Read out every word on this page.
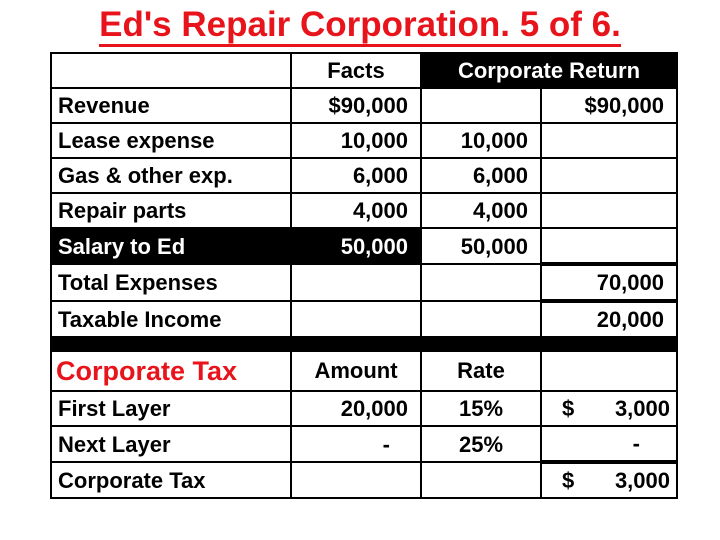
Ed's Repair Corporation. 5 of 6.
	Facts	Corporate Return	
Revenue	$90,000		$90,000
Lease expense	10,000	10,000	
Gas & other exp.	6,000	6,000	
Repair parts	4,000	4,000	
Salary to Ed	50,000	50,000	
Total Expenses			70,000
Taxable Income			20,000

Corporate Tax	Amount	Rate	
First Layer	20,000	15%	$ 3,000

Next Layer	-	25%	-
Corporate Tax			$ 3,000
